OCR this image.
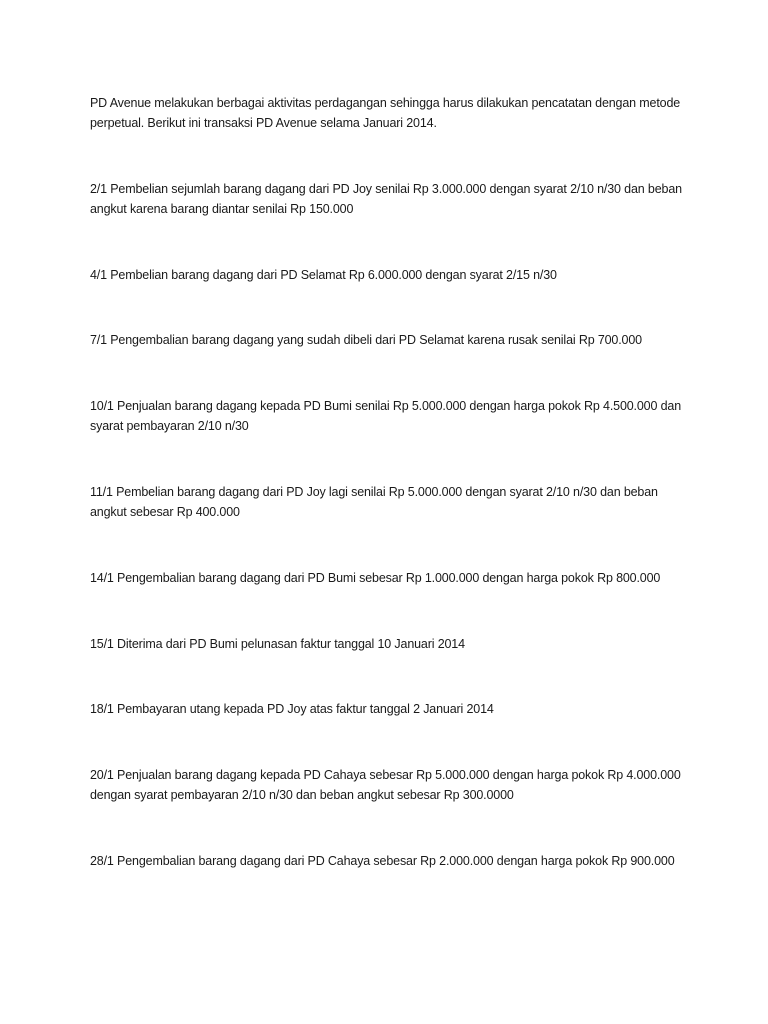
PD Avenue melakukan berbagai aktivitas perdagangan sehingga harus dilakukan pencatatan dengan metode perpetual. Berikut ini transaksi PD Avenue selama Januari 2014.

2/1 Pembelian sejumlah barang dagang dari PD Joy senilai Rp 3.000.000 dengan syarat 2/10 n/30 dan beban angkut karena barang diantar senilai Rp 150.000

4/1 Pembelian barang dagang dari PD Selamat Rp 6.000.000 dengan syarat 2/15 n/30

7/1 Pengembalian barang dagang yang sudah dibeli dari PD Selamat karena rusak senilai Rp 700.000

10/1 Penjualan barang dagang kepada PD Bumi senilai Rp 5.000.000 dengan harga pokok Rp 4.500.000 dan syarat pembayaran 2/10 n/30

11/1 Pembelian barang dagang dari PD Joy lagi senilai Rp 5.000.000 dengan syarat 2/10 n/30 dan beban angkut sebesar Rp 400.000

14/1 Pengembalian barang dagang dari PD Bumi sebesar Rp 1.000.000 dengan harga pokok Rp 800.000

15/1 Diterima dari PD Bumi pelunasan faktur tanggal 10 Januari 2014

18/1 Pembayaran utang kepada PD Joy atas faktur tanggal 2 Januari 2014

20/1 Penjualan barang dagang kepada PD Cahaya sebesar Rp 5.000.000 dengan harga pokok Rp 4.000.000 dengan syarat pembayaran 2/10 n/30 dan beban angkut sebesar Rp 300.0000

28/1 Pengembalian barang dagang dari PD Cahaya sebesar Rp 2.000.000 dengan harga pokok Rp 900.000
